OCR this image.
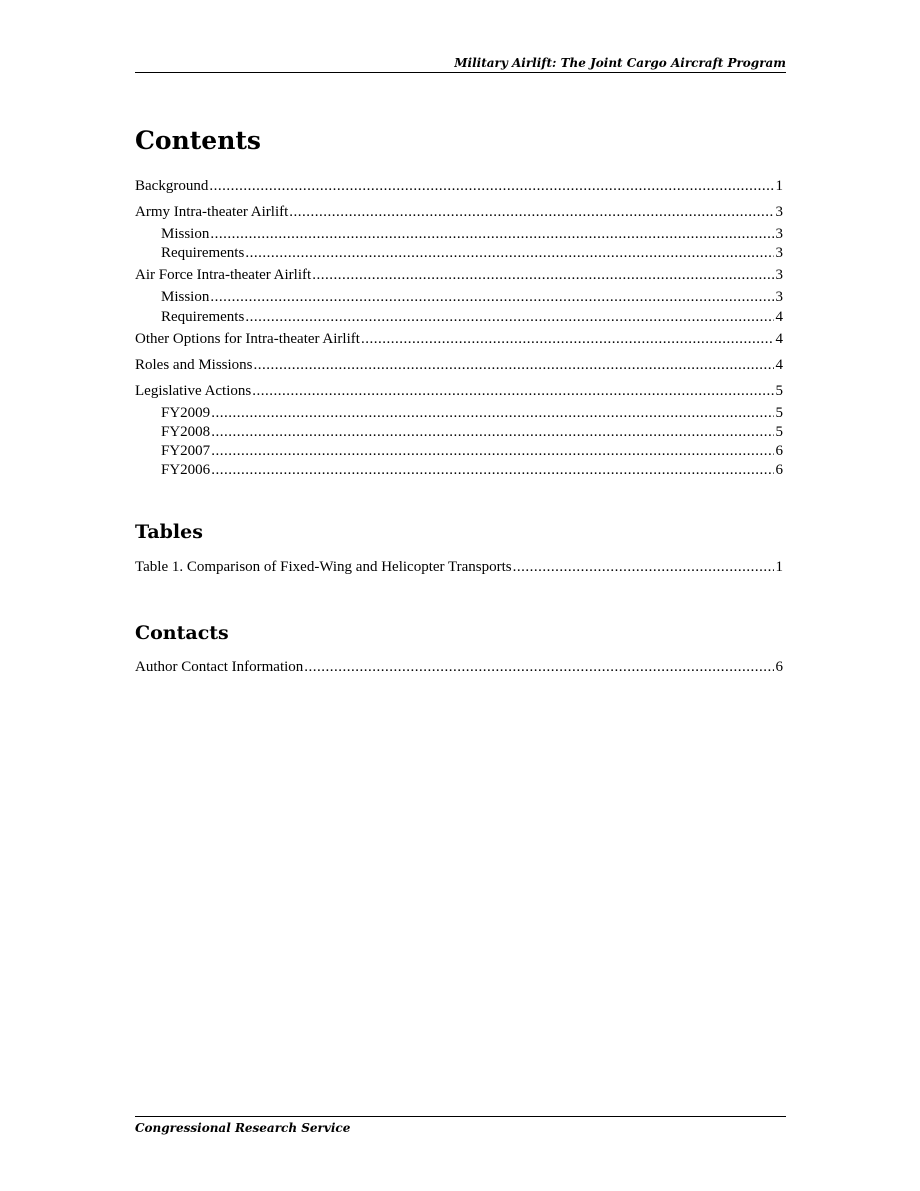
Military Airlift: The Joint Cargo Aircraft Program
Contents
Background .....	1
Army Intra-theater Airlift .....	3
Mission .....	3
Requirements .....	3
Air Force Intra-theater Airlift .....	3
Mission .....	3
Requirements .....	4
Other Options for Intra-theater Airlift .....	4
Roles and Missions .....	4
Legislative Actions .....	5
FY2009 .....	5
FY2008 .....	5
FY2007 .....	6
FY2006 .....	6
Tables
Table 1. Comparison of Fixed-Wing and Helicopter Transports .....	1
Contacts
Author Contact Information .....	6
Congressional Research Service
